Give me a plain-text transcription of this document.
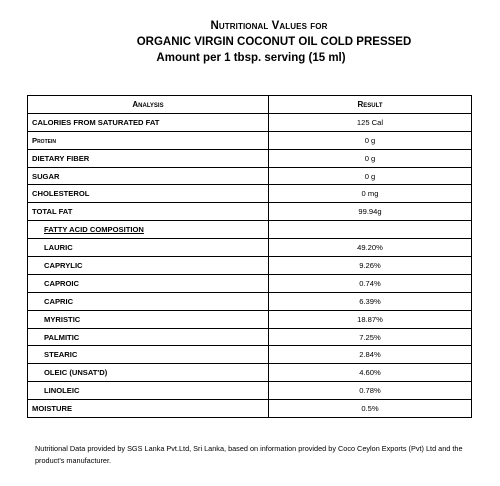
Nutritional Values for
ORGANIC VIRGIN COCONUT OIL COLD PRESSED
Amount per 1 tbsp. serving (15 ml)
Analysis	Result
CALORIES FROM SATURATED FAT	125 Cal
Protein	0 g
DIETARY FIBER	0 g
SUGAR	0 g
CHOLESTEROL	0 mg
TOTAL FAT	99.94g
FATTY ACID COMPOSITION	
LAURIC	49.20%
CAPRYLIC	9.26%
CAPROIC	0.74%
CAPRIC	6.39%
MYRISTIC	18.87%
PALMITIC	7.25%
STEARIC	2.84%
OLEIC (UNSAT'D)	4.60%
LINOLEIC	0.78%
MOISTURE	0.5%
Nutritional Data provided by SGS Lanka Pvt.Ltd, Sri Lanka, based on information provided by Coco Ceylon Exports (Pvt) Ltd and the product's manufacturer.
